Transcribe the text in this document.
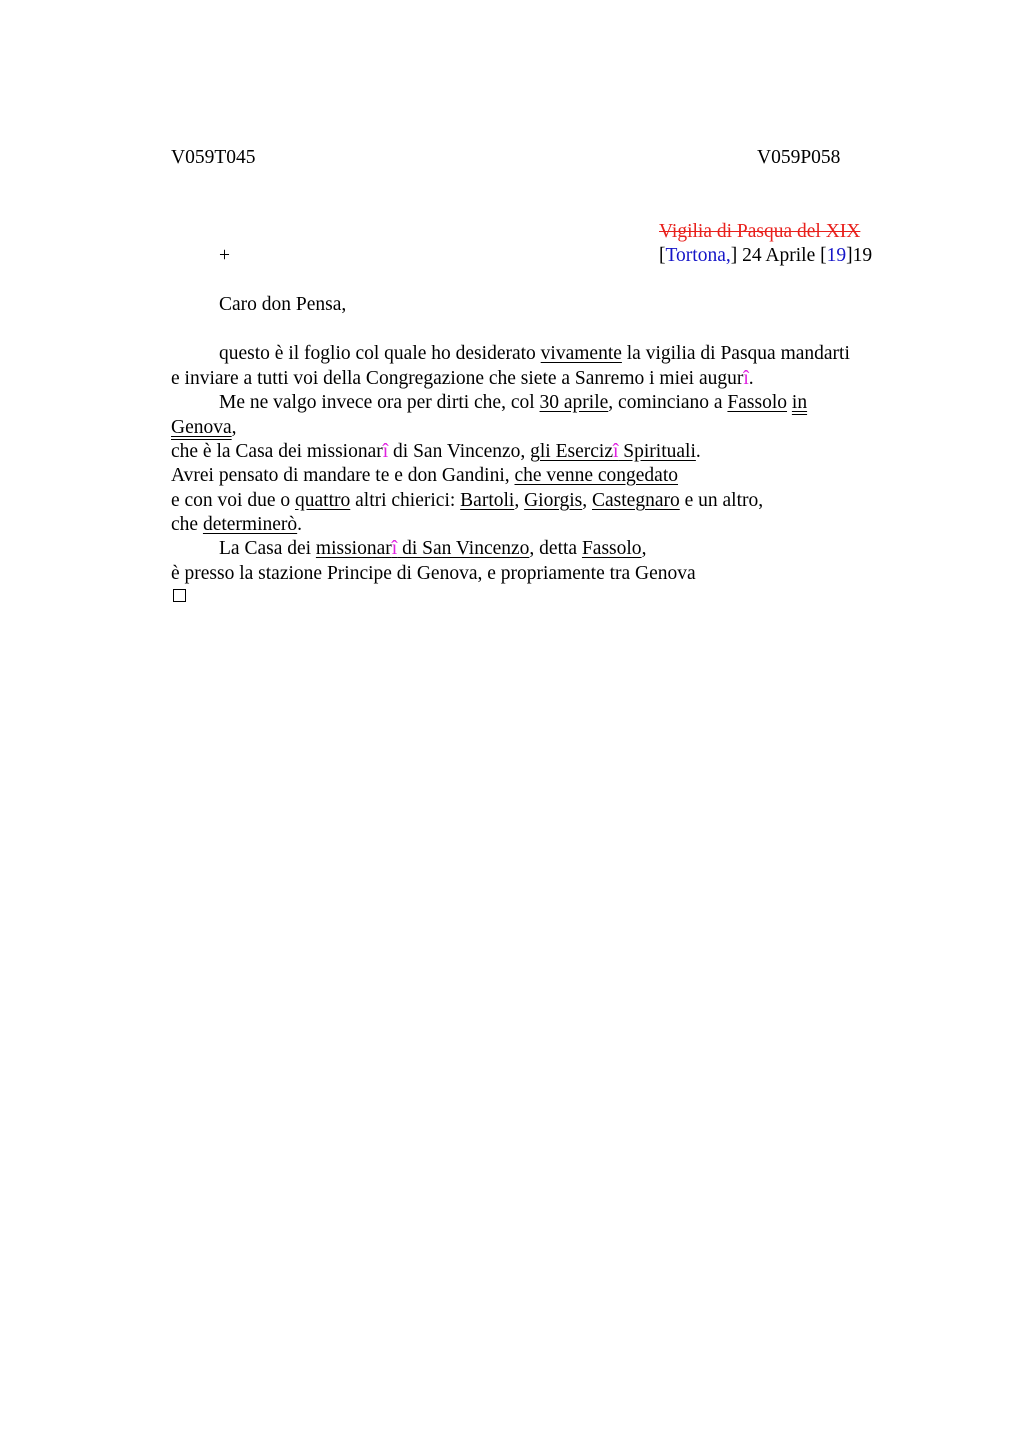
V059T045	V059P058
Vigilia di Pasqua del XIX
+	[Tortona,] 24 Aprile [19]19
Caro don Pensa,
questo è il foglio col quale ho desiderato vivamente la vigilia di Pasqua mandarti
e inviare a tutti voi della Congregazione che siete a Sanremo i miei augurî.
Me ne valgo invece ora per dirti che, col 30 aprile, cominciano a Fassolo in
Genova,
che è la Casa dei missionarî di San Vincenzo, gli Esercizî Spirituali.
Avrei pensato di mandare te e don Gandini, che venne congedato
e con voi due o quattro altri chierici: Bartoli, Giorgis, Castegnaro e un altro,
che determinerò.
La Casa dei missionarî di San Vincenzo, detta Fassolo,
è presso la stazione Principe di Genova, e propriamente tra Genova
